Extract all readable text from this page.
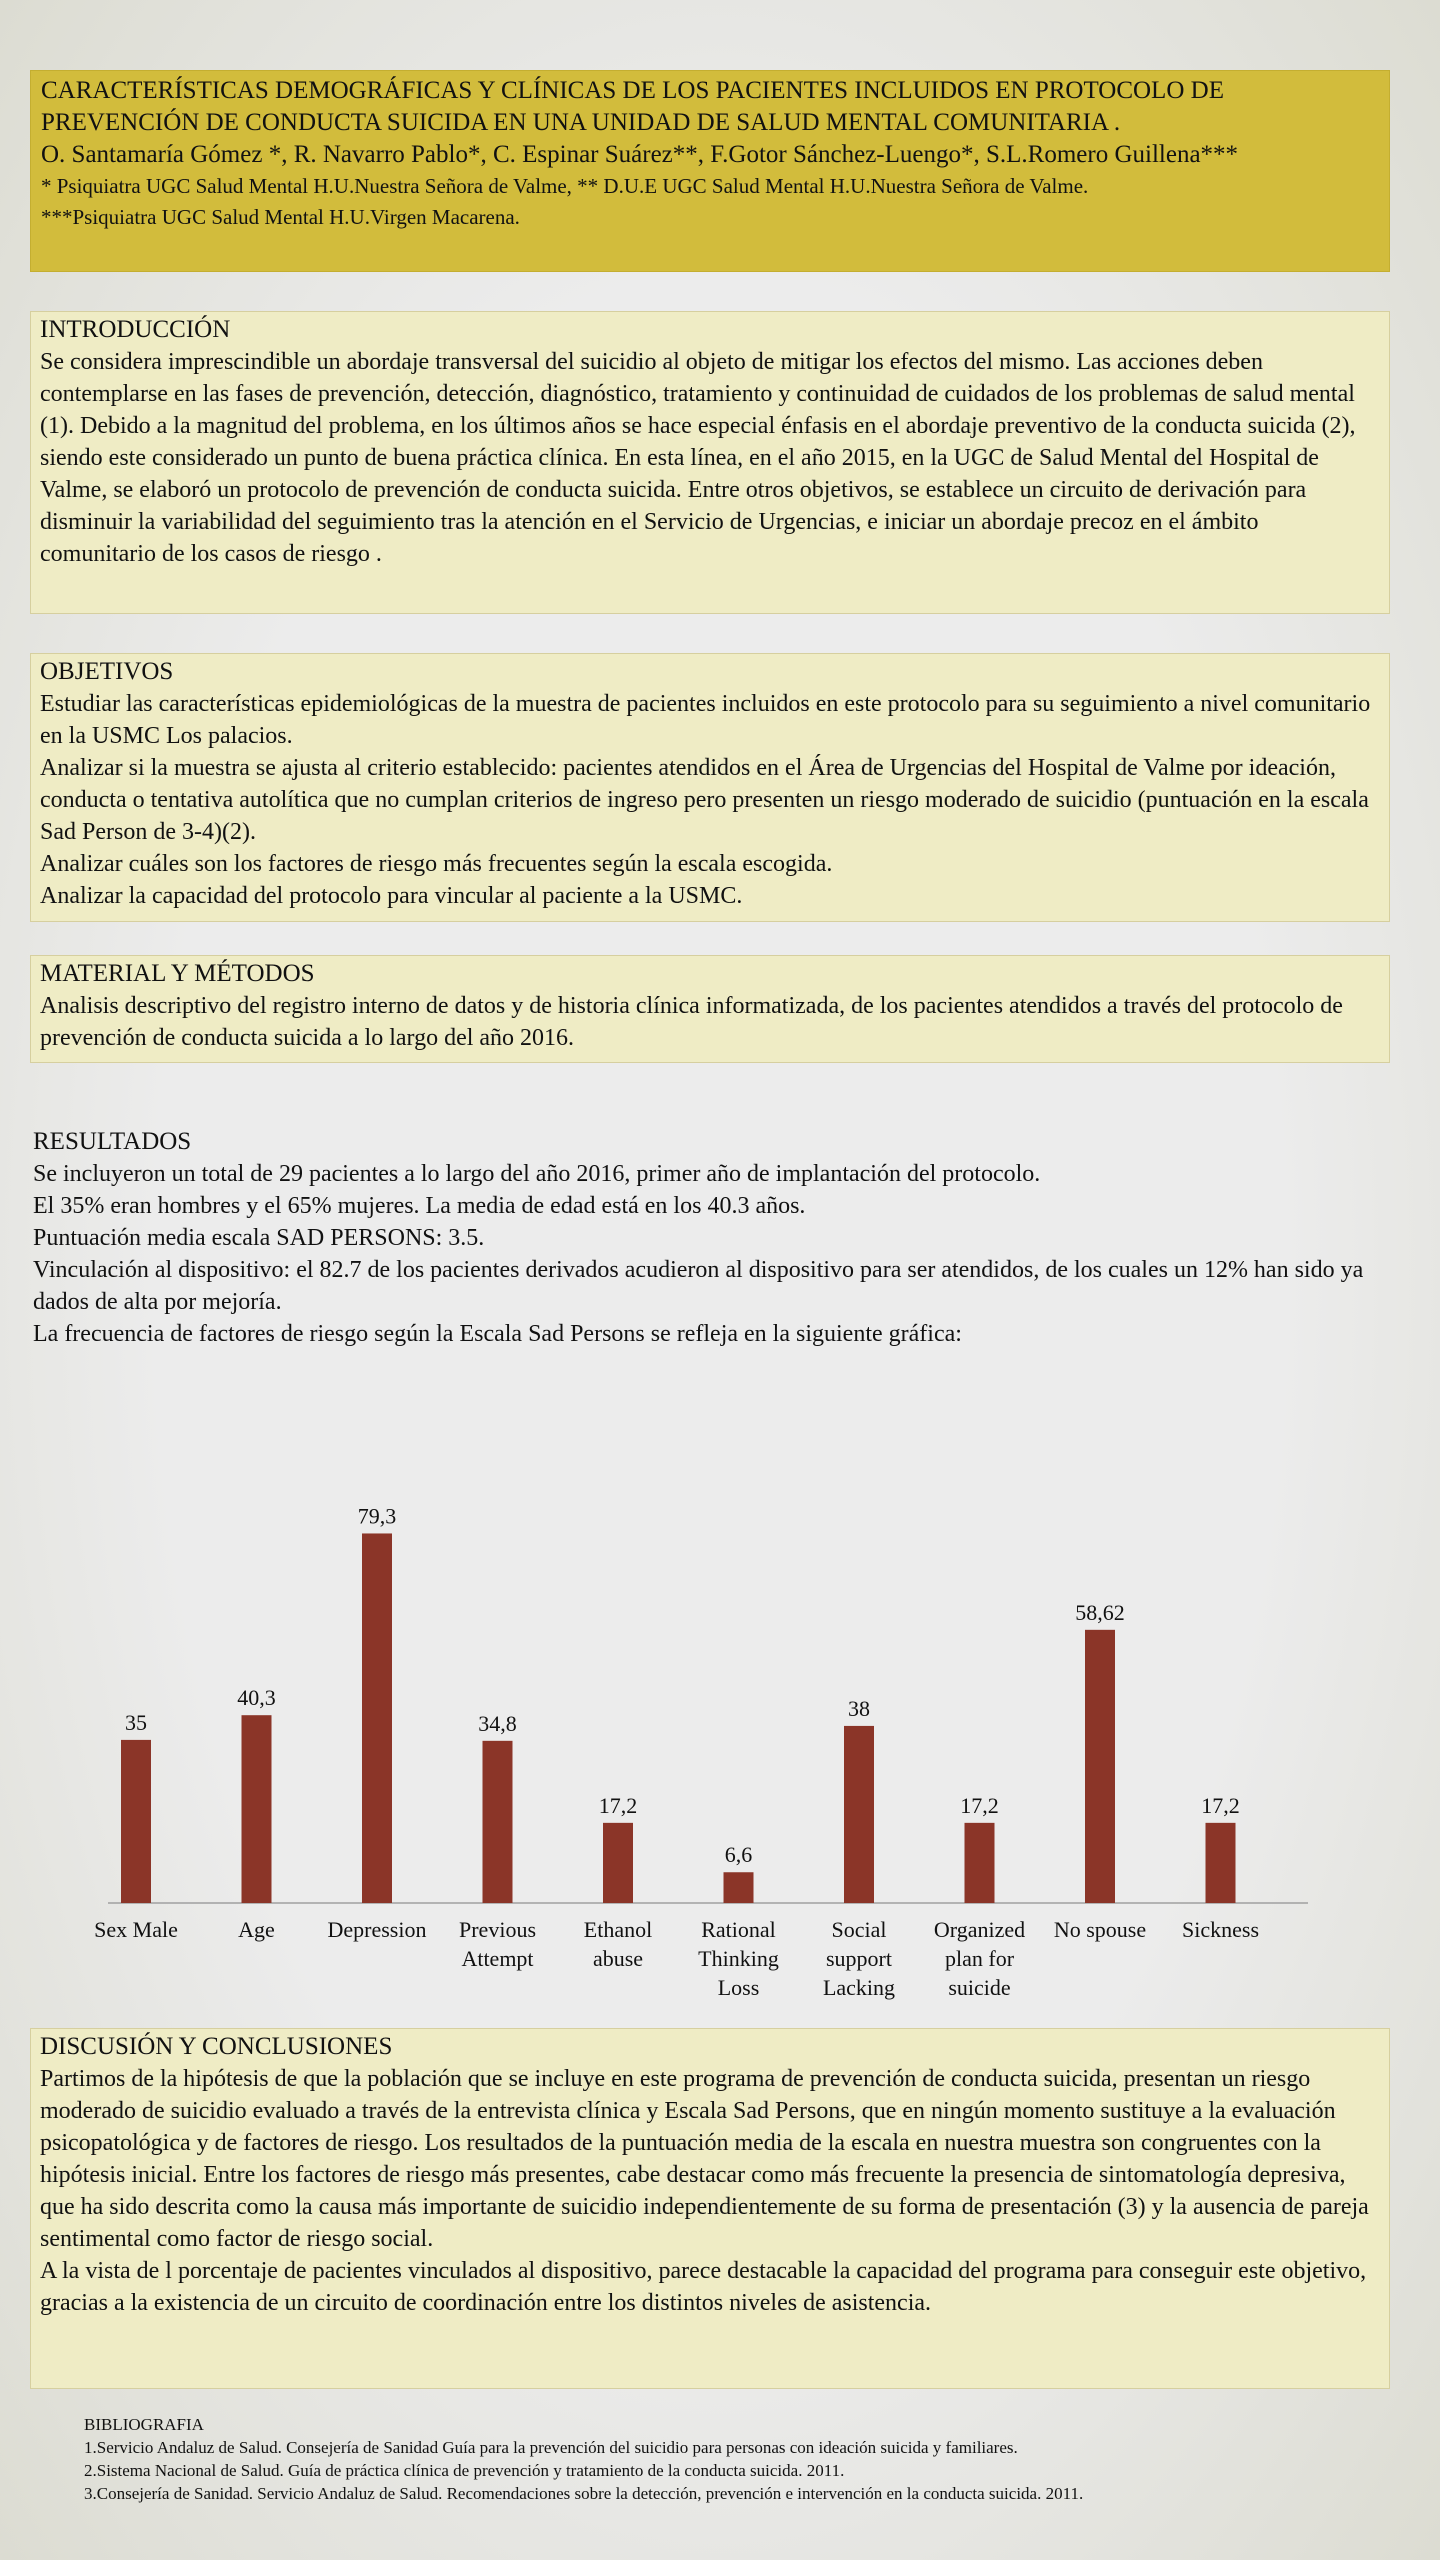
CARACTERÍSTICAS DEMOGRÁFICAS Y CLÍNICAS DE LOS PACIENTES INCLUIDOS EN PROTOCOLO DE PREVENCIÓN DE CONDUCTA SUICIDA EN UNA UNIDAD DE SALUD MENTAL COMUNITARIA .
O. Santamaría Gómez *, R. Navarro Pablo*, C. Espinar Suárez**, F.Gotor Sánchez-Luengo*, S.L.Romero Guillena***
* Psiquiatra UGC Salud Mental H.U.Nuestra Señora de Valme, ** D.U.E UGC Salud Mental H.U.Nuestra Señora de Valme.
***Psiquiatra UGC Salud Mental H.U.Virgen Macarena.
INTRODUCCIÓN

Se considera imprescindible un abordaje transversal del suicidio al objeto de mitigar los efectos del mismo. Las acciones deben contemplarse en las fases de prevención, detección, diagnóstico, tratamiento y continuidad de cuidados de los problemas de salud mental (1). Debido a la magnitud del problema, en los últimos años se hace especial énfasis en el abordaje preventivo de la conducta suicida (2), siendo este considerado un punto de buena práctica clínica. En esta línea, en el año 2015, en la UGC de Salud Mental del Hospital de Valme, se elaboró un protocolo de prevención de conducta suicida. Entre otros objetivos, se establece un circuito de derivación para disminuir la variabilidad del seguimiento tras la atención en el Servicio de Urgencias, e iniciar un abordaje precoz en el ámbito comunitario de los casos de riesgo .

OBJETIVOS

Estudiar las características epidemiológicas de la muestra de pacientes incluidos en este protocolo para su seguimiento a nivel comunitario en la USMC Los palacios.

Analizar si la muestra se ajusta al criterio establecido: pacientes atendidos en el Área de Urgencias del Hospital de Valme por ideación, conducta o tentativa autolítica que no cumplan criterios de ingreso pero presenten un riesgo moderado de suicidio (puntuación en la escala Sad Person de 3-4)(2).

Analizar cuáles son los factores de riesgo más frecuentes según la escala escogida.

Analizar la capacidad del protocolo para vincular al paciente a la USMC.

MATERIAL Y MÉTODOS

Analisis descriptivo del registro interno de datos y de historia clínica informatizada, de los pacientes atendidos a través del protocolo de prevención de conducta suicida a lo largo del año 2016.

RESULTADOS

Se incluyeron un total de 29 pacientes a lo largo del año 2016, primer año de implantación del protocolo.

El 35% eran hombres y el 65% mujeres. La media de edad está en los 40.3 años.

Puntuación media escala SAD PERSONS: 3.5.

Vinculación al dispositivo: el 82.7 de los pacientes derivados acudieron al dispositivo para ser atendidos, de los cuales un 12% han sido ya dados de alta por mejoría.

La frecuencia de factores de riesgo según la Escala Sad Persons se refleja en la siguiente gráfica:

35
Sex Male
40,3
Age
79,3
Depression
34,8
Previous Attempt
17,2
Ethanol abuse
6,6
Rational Thinking Loss
38
Social support Lacking
17,2
Organized plan for suicide
58,62
No spouse
17,2
Sickness
DISCUSIÓN Y CONCLUSIONES

Partimos de la hipótesis de que la población que se incluye en este programa de prevención de conducta suicida, presentan un riesgo moderado de suicidio evaluado a través de la entrevista clínica y Escala Sad Persons, que en ningún momento sustituye a la evaluación psicopatológica y de factores de riesgo. Los resultados de la puntuación media de la escala en nuestra muestra son congruentes con la hipótesis inicial. Entre los factores de riesgo más presentes, cabe destacar como más frecuente la presencia de sintomatología depresiva, que ha sido descrita como la causa más importante de suicidio independientemente de su forma de presentación (3) y la ausencia de pareja sentimental como factor de riesgo social.

A la vista de l porcentaje de pacientes vinculados al dispositivo, parece destacable la capacidad del programa para conseguir este objetivo, gracias a la existencia de un circuito de coordinación entre los distintos niveles de asistencia.

BIBLIOGRAFIA
1.Servicio Andaluz de Salud. Consejería de Sanidad Guía para la prevención del suicidio para personas con ideación suicida y familiares.
2.Sistema Nacional de Salud. Guía de práctica clínica de prevención y tratamiento de la conducta suicida. 2011.
3.Consejería de Sanidad. Servicio Andaluz de Salud. Recomendaciones sobre la detección, prevención e intervención en la conducta suicida. 2011.
